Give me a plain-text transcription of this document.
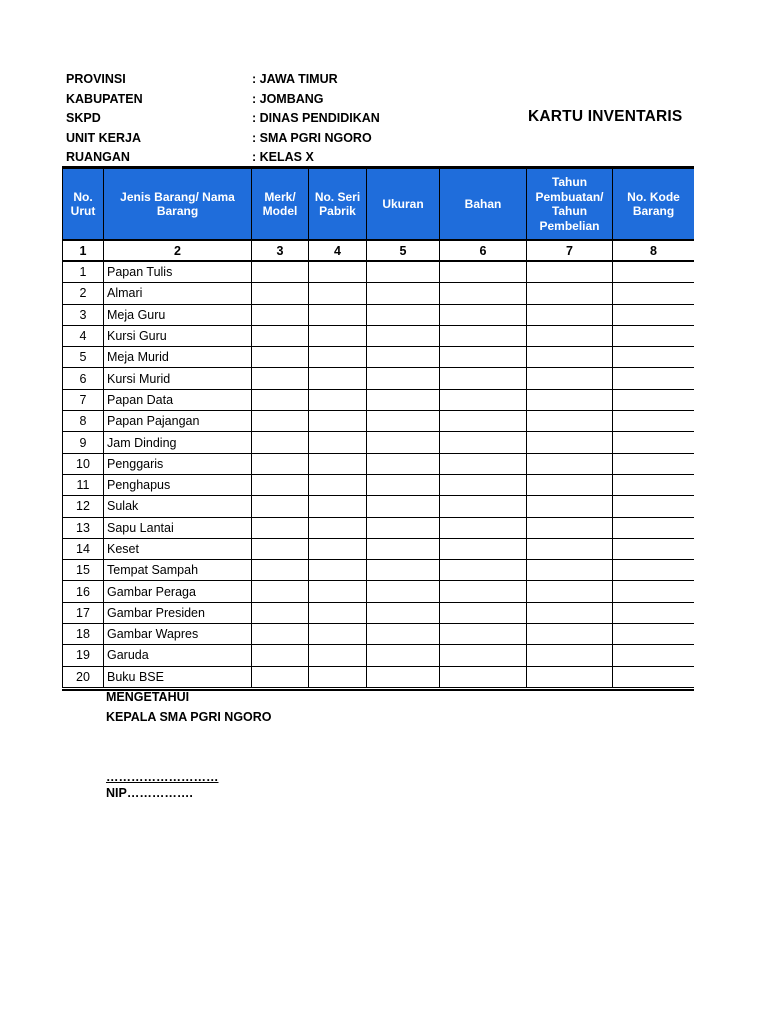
PROVINSI	: JAWA TIMUR
KABUPATEN	: JOMBANG
SKPD	: DINAS PENDIDIKAN
UNIT KERJA	: SMA PGRI NGORO
RUANGAN	: KELAS X
KARTU INVENTARIS
No. Urut	Jenis Barang/ Nama Barang	Merk/ Model	No. Seri Pabrik	Ukuran	Bahan	Tahun Pembuatan/ Tahun Pembelian	No. Kode Barang
1	2	3	4	5	6	7	8
1	Papan Tulis						
2	Almari						
3	Meja Guru						
4	Kursi Guru						
5	Meja Murid						
6	Kursi Murid						
7	Papan Data						
8	Papan Pajangan						
9	Jam Dinding						
10	Penggaris						
11	Penghapus						
12	Sulak						
13	Sapu Lantai						
14	Keset						
15	Tempat Sampah						
16	Gambar Peraga						
17	Gambar Presiden						
18	Gambar Wapres						
19	Garuda						
20	Buku BSE						
MENGETAHUI
KEPALA SMA PGRI NGORO
………………………
NIP…………….
